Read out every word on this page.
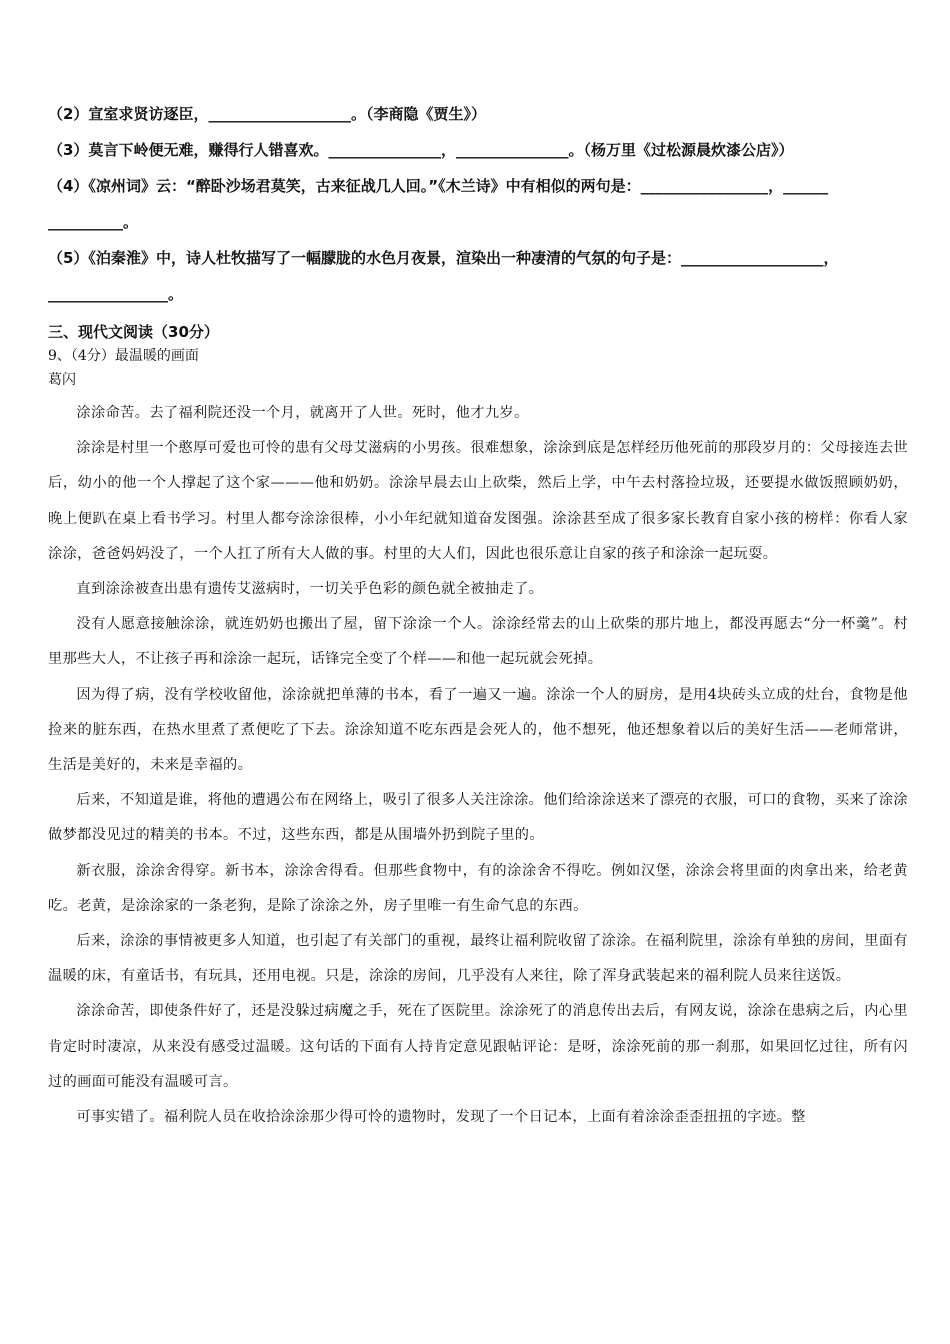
（2）宣室求贤访逐臣，___________________。（李商隐《贾生》）

（3）莫言下岭便无难，赚得行人错喜欢。_______________，_______________。（杨万里《过松源晨炊漆公店》）

（4）《凉州词》云：“醉卧沙场君莫笑，古来征战几人回。”《木兰诗》中有相似的两句是：_________________，______

__________。

（5）《泊秦淮》中，诗人杜牧描写了一幅朦胧的水色月夜景，渲染出一种凄清的气氛的句子是：___________________，

________________。

三、现代文阅读（30分）

9、（4分）最温暖的画面

葛闪

涂涂命苦。去了福利院还没一个月，就离开了人世。死时，他才九岁。

涂涂是村里一个憨厚可爱也可怜的患有父母艾滋病的小男孩。很难想象，涂涂到底是怎样经历他死前的那段岁月的：父母接连去世后，幼小的他一个人撑起了这个家———他和奶奶。涂涂早晨去山上砍柴，然后上学，中午去村落捡垃圾，还要提水做饭照顾奶奶，晚上便趴在桌上看书学习。村里人都夸涂涂很棒，小小年纪就知道奋发图强。涂涂甚至成了很多家长教育自家小孩的榜样：你看人家涂涂，爸爸妈妈没了，一个人扛了所有大人做的事。村里的大人们，因此也很乐意让自家的孩子和涂涂一起玩耍。

直到涂涂被查出患有遗传艾滋病时，一切关乎色彩的颜色就全被抽走了。

没有人愿意接触涂涂，就连奶奶也搬出了屋，留下涂涂一个人。涂涂经常去的山上砍柴的那片地上，都没再愿去“分一杯羹”。村里那些大人，不让孩子再和涂涂一起玩，话锋完全变了个样——和他一起玩就会死掉。

因为得了病，没有学校收留他，涂涂就把单薄的书本，看了一遍又一遍。涂涂一个人的厨房，是用4块砖头立成的灶台，食物是他捡来的脏东西，在热水里煮了煮便吃了下去。涂涂知道不吃东西是会死人的，他不想死，他还想象着以后的美好生活——老师常讲，生活是美好的，未来是幸福的。

后来，不知道是谁，将他的遭遇公布在网络上，吸引了很多人关注涂涂。他们给涂涂送来了漂亮的衣服，可口的食物，买来了涂涂做梦都没见过的精美的书本。不过，这些东西，都是从围墙外扔到院子里的。

新衣服，涂涂舍得穿。新书本，涂涂舍得看。但那些食物中，有的涂涂舍不得吃。例如汉堡，涂涂会将里面的肉拿出来，给老黄吃。老黄，是涂涂家的一条老狗，是除了涂涂之外，房子里唯一有生命气息的东西。

后来，涂涂的事情被更多人知道，也引起了有关部门的重视，最终让福利院收留了涂涂。在福利院里，涂涂有单独的房间，里面有温暖的床，有童话书，有玩具，还用电视。只是，涂涂的房间，几乎没有人来往，除了浑身武装起来的福利院人员来往送饭。

涂涂命苦，即使条件好了，还是没躲过病魔之手，死在了医院里。涂涂死了的消息传出去后，有网友说，涂涂在患病之后，内心里肯定时时凄凉，从来没有感受过温暖。这句话的下面有人持肯定意见跟帖评论：是呀，涂涂死前的那一刹那，如果回忆过往，所有闪过的画面可能没有温暖可言。

可事实错了。福利院人员在收拾涂涂那少得可怜的遗物时，发现了一个日记本，上面有着涂涂歪歪扭扭的字迹。整
